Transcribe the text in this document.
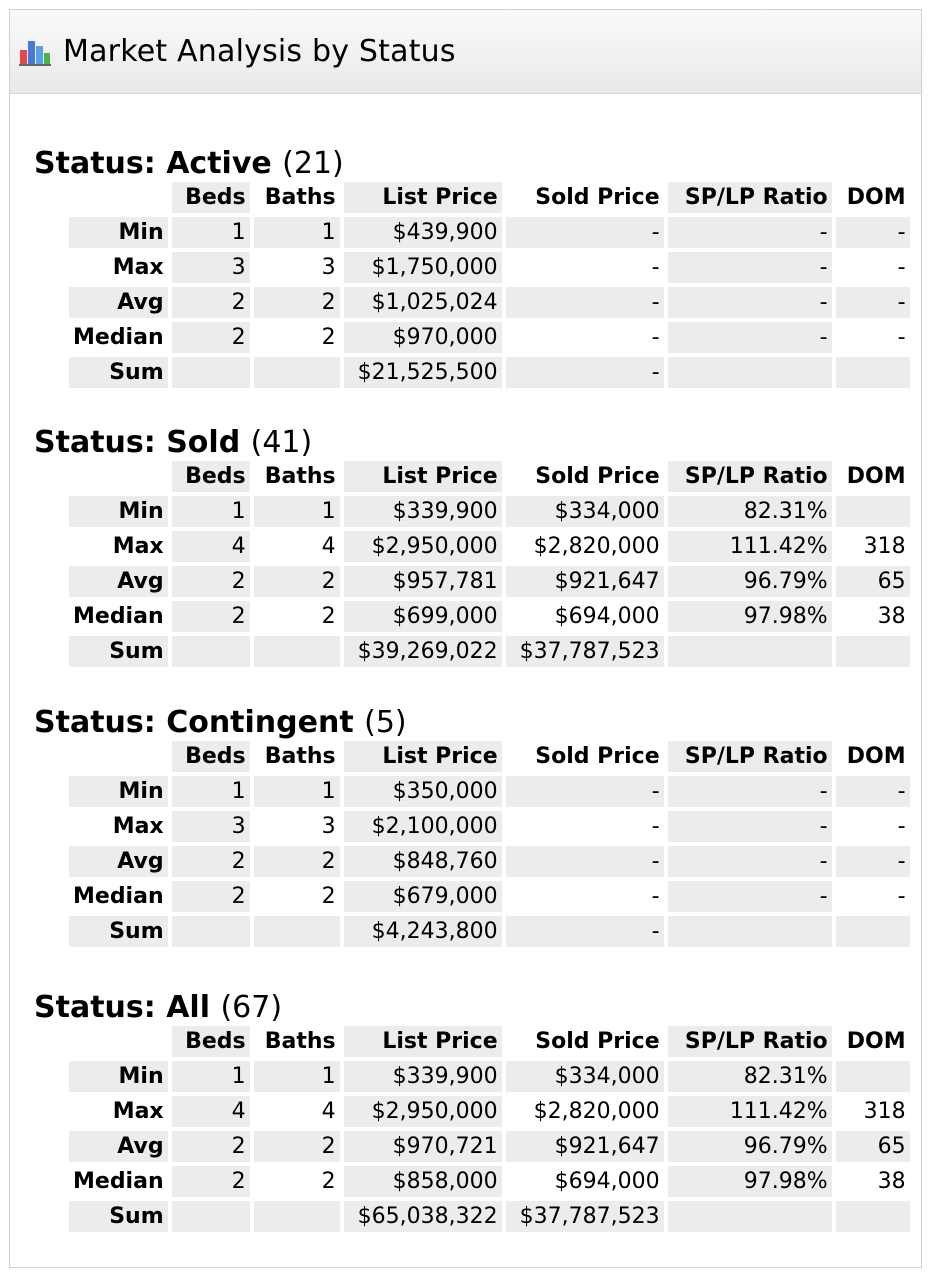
Market Analysis by Status
Status: Active (21)
	Beds	Baths	List Price	Sold Price	SP/LP Ratio	DOM
Min	1	1	$439,900	-	-	-
Max	3	3	$1,750,000	-	-	-
Avg	2	2	$1,025,024	-	-	-
Median	2	2	$970,000	-	-	-
Sum			$21,525,500	-		
Status: Sold (41)
	Beds	Baths	List Price	Sold Price	SP/LP Ratio	DOM
Min	1	1	$339,900	$334,000	82.31%	
Max	4	4	$2,950,000	$2,820,000	111.42%	318
Avg	2	2	$957,781	$921,647	96.79%	65
Median	2	2	$699,000	$694,000	97.98%	38
Sum			$39,269,022	$37,787,523		
Status: Contingent (5)
	Beds	Baths	List Price	Sold Price	SP/LP Ratio	DOM
Min	1	1	$350,000	-	-	-
Max	3	3	$2,100,000	-	-	-
Avg	2	2	$848,760	-	-	-
Median	2	2	$679,000	-	-	-
Sum			$4,243,800	-		
Status: All (67)
	Beds	Baths	List Price	Sold Price	SP/LP Ratio	DOM
Min	1	1	$339,900	$334,000	82.31%	
Max	4	4	$2,950,000	$2,820,000	111.42%	318
Avg	2	2	$970,721	$921,647	96.79%	65
Median	2	2	$858,000	$694,000	97.98%	38
Sum			$65,038,322	$37,787,523		
